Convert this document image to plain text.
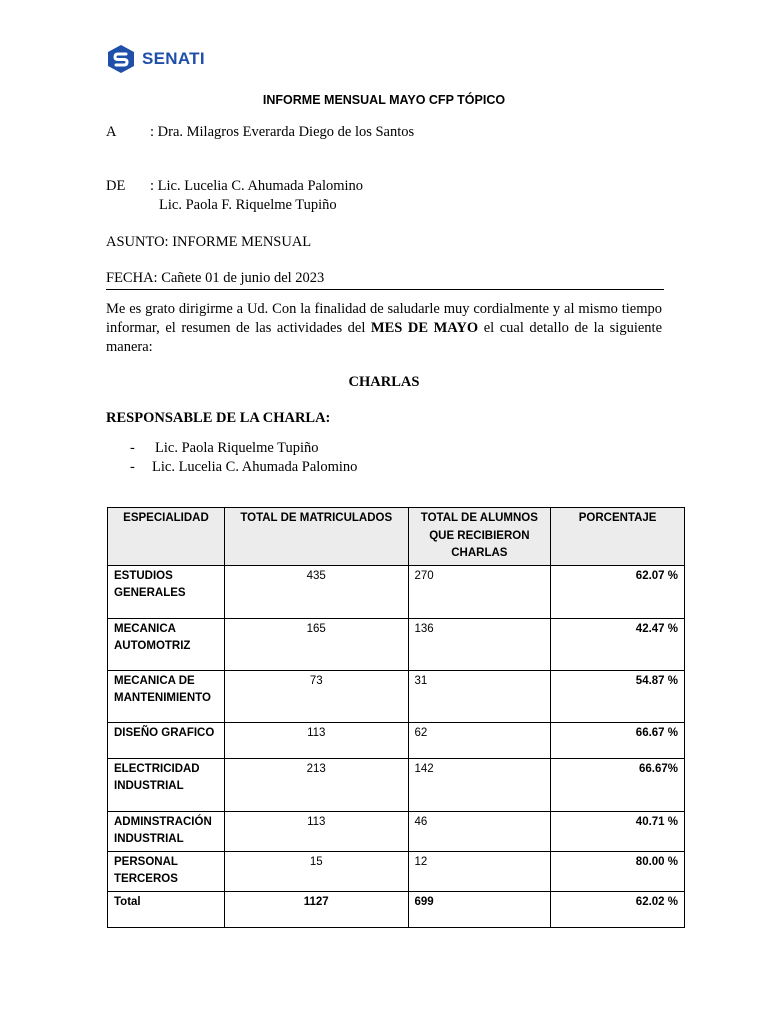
SENATI
INFORME MENSUAL MAYO CFP TÓPICO
A : Dra. Milagros Everarda Diego de los Santos
DE : Lic. Lucelia C. Ahumada Palomino
Lic. Paola F. Riquelme Tupiño
ASUNTO: INFORME MENSUAL
FECHA: Cañete 01 de junio del 2023
Me es grato dirigirme a Ud. Con la finalidad de saludarle muy cordialmente y al mismo tiempo informar, el resumen de las actividades del MES DE MAYO el cual detallo de la siguiente manera:
CHARLAS
RESPONSABLE DE LA CHARLA:
- Lic. Paola Riquelme Tupiño
- Lic. Lucelia C. Ahumada Palomino
ESPECIALIDAD	TOTAL DE MATRICULADOS	TOTAL DE ALUMNOS QUE RECIBIERON CHARLAS	PORCENTAJE
ESTUDIOS GENERALES	435	270	62.07 %
MECANICA AUTOMOTRIZ	165	136	42.47 %
MECANICA DE MANTENIMIENTO	73	31	54.87 %
DISEÑO GRAFICO	113	62	66.67 %
ELECTRICIDAD INDUSTRIAL	213	142	66.67%
ADMINSTRACIÓN INDUSTRIAL	113	46	40.71 %
PERSONAL TERCEROS	15	12	80.00 %
Total	1127	699	62.02 %
